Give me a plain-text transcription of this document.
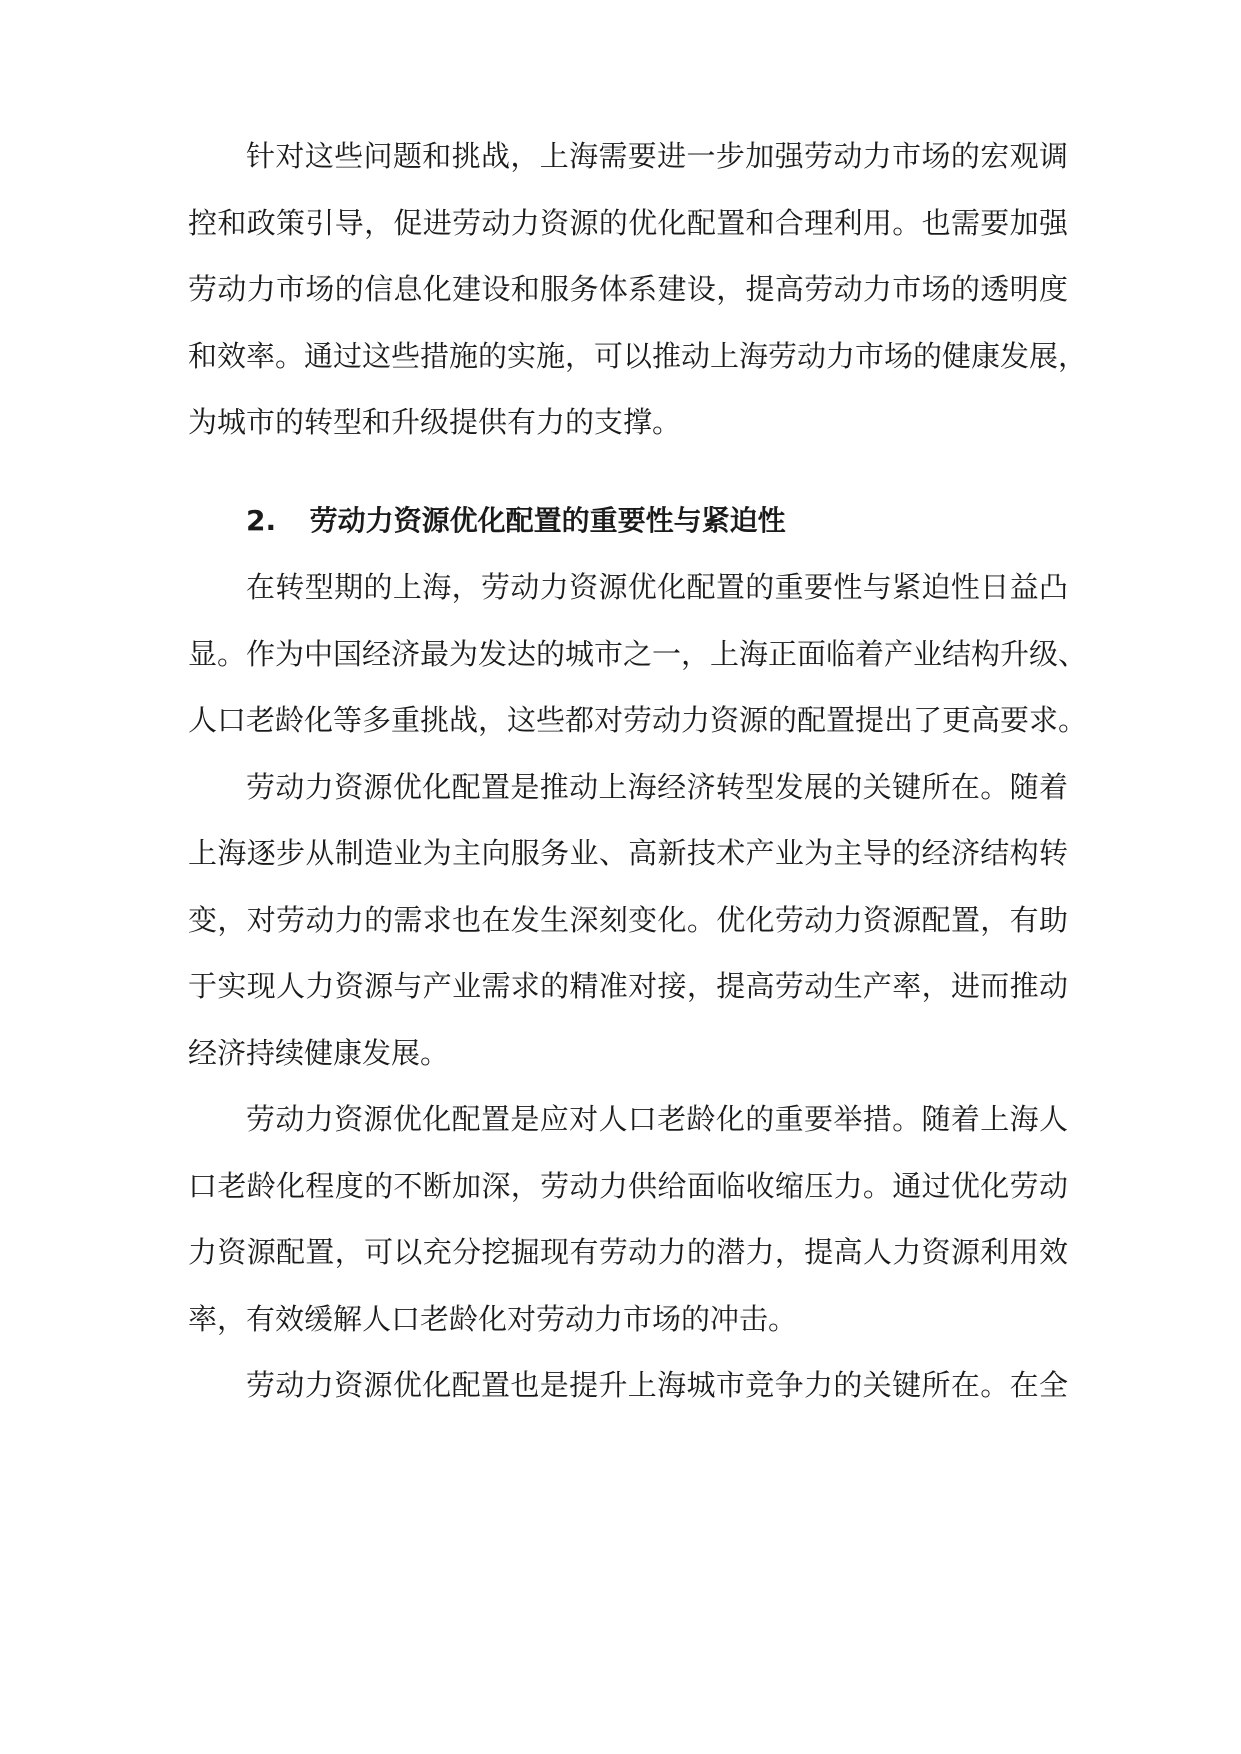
针对这些问题和挑战，上海需要进一步加强劳动力市场的宏观调
控和政策引导，促进劳动力资源的优化配置和合理利用。也需要加强
劳动力市场的信息化建设和服务体系建设，提高劳动力市场的透明度
和效率。通过这些措施的实施，可以推动上海劳动力市场的健康发展，
为城市的转型和升级提供有力的支撑。
2. 劳动力资源优化配置的重要性与紧迫性
在转型期的上海，劳动力资源优化配置的重要性与紧迫性日益凸
显。作为中国经济最为发达的城市之一，上海正面临着产业结构升级、
人口老龄化等多重挑战，这些都对劳动力资源的配置提出了更高要求。
劳动力资源优化配置是推动上海经济转型发展的关键所在。随着
上海逐步从制造业为主向服务业、高新技术产业为主导的经济结构转
变，对劳动力的需求也在发生深刻变化。优化劳动力资源配置，有助
于实现人力资源与产业需求的精准对接，提高劳动生产率，进而推动
经济持续健康发展。
劳动力资源优化配置是应对人口老龄化的重要举措。随着上海人
口老龄化程度的不断加深，劳动力供给面临收缩压力。通过优化劳动
力资源配置，可以充分挖掘现有劳动力的潜力，提高人力资源利用效
率，有效缓解人口老龄化对劳动力市场的冲击。
劳动力资源优化配置也是提升上海城市竞争力的关键所在。在全
